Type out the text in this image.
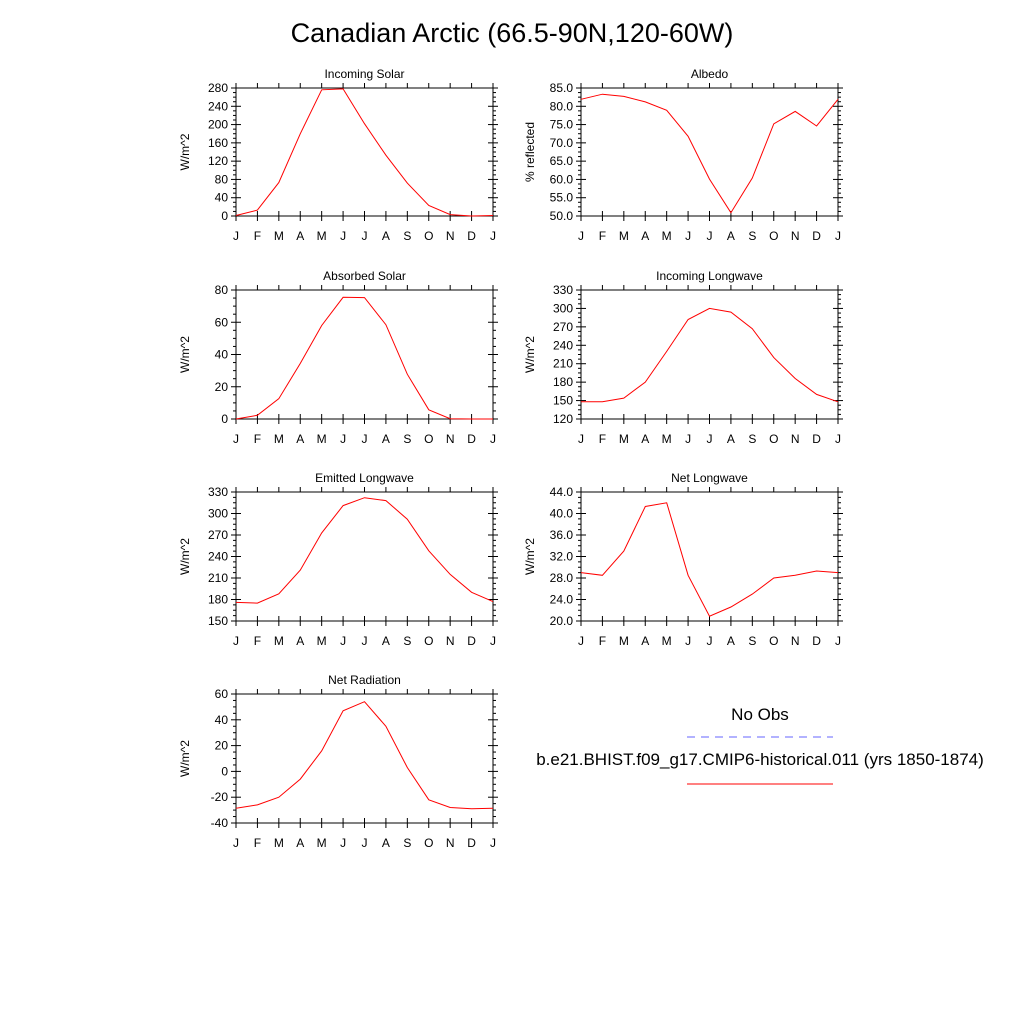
Canadian Arctic (66.5-90N,120-60W)
Incoming Solar
W/m^2
0
40
80
120
160
200
240
280
J F M A M J J A S O N D J
Albedo
% reflected
50.0
55.0
60.0
65.0
70.0
75.0
80.0
85.0
J F M A M J J A S O N D J
Absorbed Solar
W/m^2
0
20
40
60
80
J F M A M J J A S O N D J
Incoming Longwave
W/m^2
120
150
180
210
240
270
300
330
J F M A M J J A S O N D J
Emitted Longwave
W/m^2
150
180
210
240
270
300
330
J F M A M J J A S O N D J
Net Longwave
W/m^2
20.0
24.0
28.0
32.0
36.0
40.0
44.0
J F M A M J J A S O N D J
Net Radiation
W/m^2
-40
-20
0
20
40
60
J F M A M J J A S O N D J
No Obs
b.e21.BHIST.f09_g17.CMIP6-historical.011 (yrs 1850-1874)
